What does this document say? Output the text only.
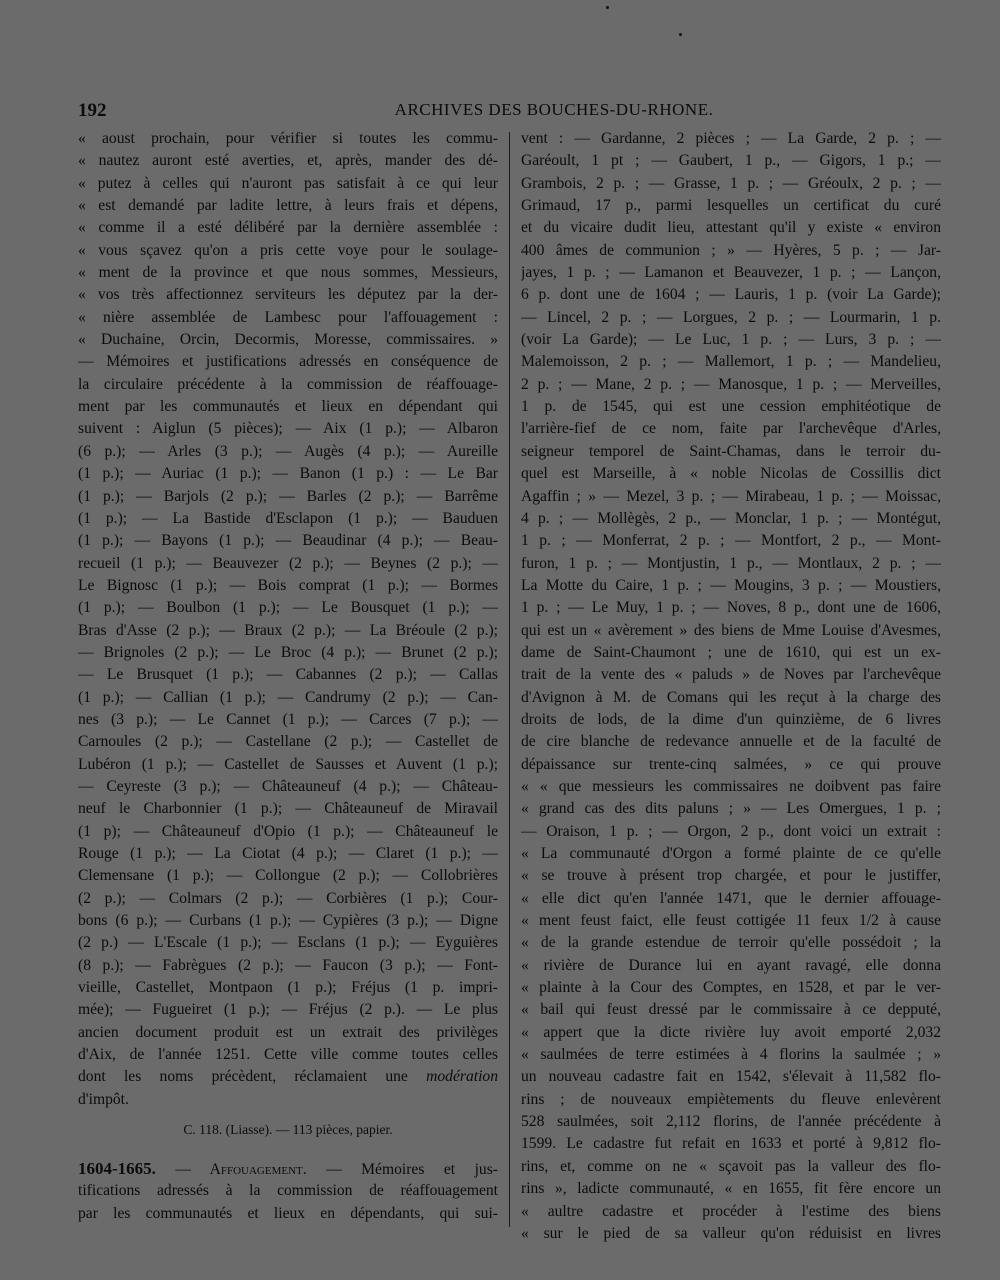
192	ARCHIVES DES BOUCHES-DU-RHONE.
« aoust prochain, pour vérifier si toutes les commu-
« nautez auront esté averties, et, après, mander des dé-
« putez à celles qui n'auront pas satisfait à ce qui leur
« est demandé par ladite lettre, à leurs frais et dépens,
« comme il a esté délibéré par la dernière assemblée :
« vous sçavez qu'on a pris cette voye pour le soulage-
« ment de la province et que nous sommes, Messieurs,
« vos très affectionnez serviteurs les députez par la der-
« nière assemblée de Lambesc pour l'affouagement :
« Duchaine, Orcin, Decormis, Moresse, commissaires. »
— Mémoires et justifications adressés en conséquence de
la circulaire précédente à la commission de réaffouage-
ment par les communautés et lieux en dépendant qui
suivent : Aiglun (5 pièces); — Aix (1 p.); — Albaron
(6 p.); — Arles (3 p.); — Augès (4 p.); — Aureille
(1 p.); — Auriac (1 p.); — Banon (1 p.) : — Le Bar
(1 p.); — Barjols (2 p.); — Barles (2 p.); — Barrême
(1 p.); — La Bastide d'Esclapon (1 p.); — Bauduen
(1 p.); — Bayons (1 p.); — Beaudinar (4 p.); — Beau-
recueil (1 p.); — Beauvezer (2 p.); — Beynes (2 p.); —
Le Bignosc (1 p.); — Bois comprat (1 p.); — Bormes
(1 p.); — Boulbon (1 p.); — Le Bousquet (1 p.); —
Bras d'Asse (2 p.); — Braux (2 p.); — La Bréoule (2 p.);
— Brignoles (2 p.); — Le Broc (4 p.); — Brunet (2 p.);
— Le Brusquet (1 p.); — Cabannes (2 p.); — Callas
(1 p.); — Callian (1 p.); — Candrumy (2 p.); — Can-
nes (3 p.); — Le Cannet (1 p.); — Carces (7 p.); —
Carnoules (2 p.); — Castellane (2 p.); — Castellet de
Lubéron (1 p.); — Castellet de Sausses et Auvent (1 p.);
— Ceyreste (3 p.); — Châteauneuf (4 p.); — Château-
neuf le Charbonnier (1 p.); — Châteauneuf de Miravail
(1 p); — Châteauneuf d'Opio (1 p.); — Châteauneuf le
Rouge (1 p.); — La Ciotat (4 p.); — Claret (1 p.); —
Clemensane (1 p.); — Collongue (2 p.); — Collobrières
(2 p.); — Colmars (2 p.); — Corbières (1 p.); Cour-
bons (6 p.); — Curbans (1 p.); — Cypières (3 p.); — Digne
(2 p.) — L'Escale (1 p.); — Esclans (1 p.); — Eyguières
(8 p.); — Fabrègues (2 p.); — Faucon (3 p.); — Font-
vieille, Castellet, Montpaon (1 p.); Fréjus (1 p. impri-
mée); — Fugueiret (1 p.); — Fréjus (2 p.). — Le plus
ancien document produit est un extrait des privilèges
d'Aix, de l'année 1251. Cette ville comme toutes celles
dont les noms précèdent, réclamaient une modération
d'impôt.
vent : — Gardanne, 2 pièces ; — La Garde, 2 p. ; —
Garéoult, 1 pt ; — Gaubert, 1 p., — Gigors, 1 p.; —
Grambois, 2 p. ; — Grasse, 1 p. ; — Gréoulx, 2 p. ; —
Grimaud, 17 p., parmi lesquelles un certificat du curé
et du vicaire dudit lieu, attestant qu'il y existe « environ
400 âmes de communion ; » — Hyères, 5 p. ; — Jar-
jayes, 1 p. ; — Lamanon et Beauvezer, 1 p. ; — Lançon,
6 p. dont une de 1604 ; — Lauris, 1 p. (voir La Garde);
— Lincel, 2 p. ; — Lorgues, 2 p. ; — Lourmarin, 1 p.
(voir La Garde); — Le Luc, 1 p. ; — Lurs, 3 p. ; —
Malemoisson, 2 p. ; — Mallemort, 1 p. ; — Mandelieu,
2 p. ; — Mane, 2 p. ; — Manosque, 1 p. ; — Merveilles,
1 p. de 1545, qui est une cession emphitéotique de
l'arrière-fief de ce nom, faite par l'archevêque d'Arles,
seigneur temporel de Saint-Chamas, dans le terroir du-
quel est Marseille, à « noble Nicolas de Cossillis dict
Agaffin ; » — Mezel, 3 p. ; — Mirabeau, 1 p. ; — Moissac,
4 p. ; — Mollègès, 2 p., — Monclar, 1 p. ; — Montégut,
1 p. ; — Monferrat, 2 p. ; — Montfort, 2 p., — Mont-
furon, 1 p. ; — Montjustin, 1 p., — Montlaux, 2 p. ; —
La Motte du Caire, 1 p. ; — Mougins, 3 p. ; — Moustiers,
1 p. ; — Le Muy, 1 p. ; — Noves, 8 p., dont une de 1606,
qui est un « avèrement » des biens de Mme Louise d'Avesmes,
dame de Saint-Chaumont ; une de 1610, qui est un ex-
trait de la vente des « paluds » de Noves par l'archevêque
d'Avignon à M. de Comans qui les reçut à la charge des
droits de lods, de la dime d'un quinzième, de 6 livres
de cire blanche de redevance annuelle et de la faculté de
dépaissance sur trente-cinq salmées, » ce qui prouve
« « que messieurs les commissaires ne doibvent pas faire
« grand cas des dits paluns ; » — Les Omergues, 1 p. ;
— Oraison, 1 p. ; — Orgon, 2 p., dont voici un extrait :
« La communauté d'Orgon a formé plainte de ce qu'elle
« se trouve à présent trop chargée, et pour le justiffer,
« elle dict qu'en l'année 1471, que le dernier affouage-
« ment feust faict, elle feust cottigée 11 feux 1/2 à cause
« de la grande estendue de terroir qu'elle possédoit ; la
« rivière de Durance lui en ayant ravagé, elle donna
« plainte à la Cour des Comptes, en 1528, et par le ver-
« bail qui feust dressé par le commissaire à ce depputé,
« appert que la dicte rivière luy avoit emporté 2,032
« saulmées de terre estimées à 4 florins la saulmée ; »
un nouveau cadastre fait en 1542, s'élevait à 11,582 flo-
rins ; de nouveaux empiètements du fleuve enlevèrent
528 saulmées, soit 2,112 florins, de l'année précédente à
1599. Le cadastre fut refait en 1633 et porté à 9,812 flo-
rins, et, comme on ne « sçavoit pas la valleur des flo-
rins », ladicte communauté, « en 1655, fit fère encore un
« aultre cadastre et procéder à l'estime des biens
« sur le pied de sa valleur qu'on réduisist en livres
C. 118. (Liasse). — 113 pièces, papier.
1604-1665. — Affouagement. — Mémoires et jus-
tifications adressés à la commission de réaffouagement
par les communautés et lieux en dépendants, qui sui-
